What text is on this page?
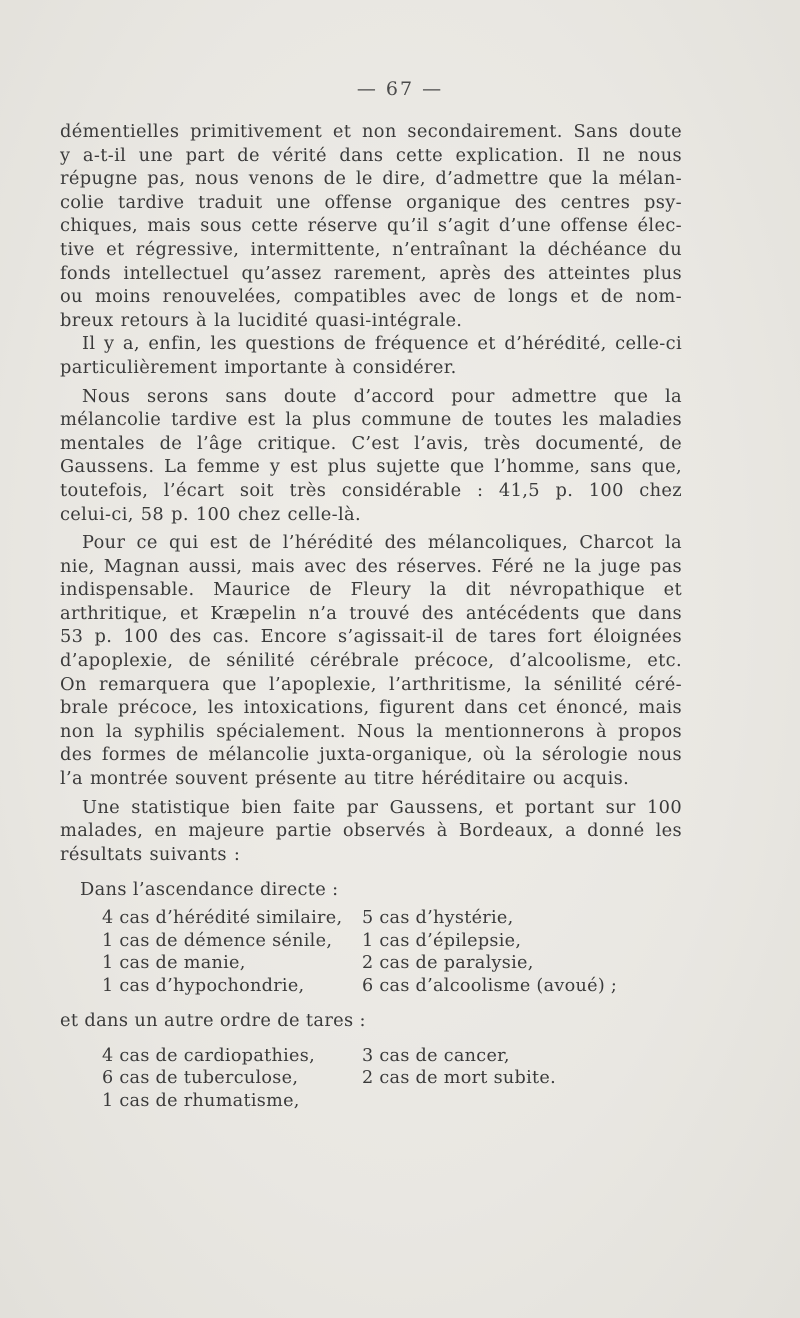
— 67 —
démentielles primitivement et non secondairement. Sans doute
y a-t-il une part de vérité dans cette explication. Il ne nous
répugne pas, nous venons de le dire, d’admettre que la mélan-
colie tardive traduit une offense organique des centres psy-
chiques, mais sous cette réserve qu’il s’agit d’une offense élec-
tive et régressive, intermittente, n’entraînant la déchéance du
fonds intellectuel qu’assez rarement, après des atteintes plus
ou moins renouvelées, compatibles avec de longs et de nom-
breux retours à la lucidité quasi-intégrale.
Il y a, enfin, les questions de fréquence et d’hérédité, celle-ci
particulièrement importante à considérer.
Nous serons sans doute d’accord pour admettre que la
mélancolie tardive est la plus commune de toutes les maladies
mentales de l’âge critique. C’est l’avis, très documenté, de
Gaussens. La femme y est plus sujette que l’homme, sans que,
toutefois, l’écart soit très considérable : 41,5 p. 100 chez
celui-ci, 58 p. 100 chez celle-là.
Pour ce qui est de l’hérédité des mélancoliques, Charcot la
nie, Magnan aussi, mais avec des réserves. Féré ne la juge pas
indispensable. Maurice de Fleury la dit névropathique et
arthritique, et Kræpelin n’a trouvé des antécédents que dans
53 p. 100 des cas. Encore s’agissait-il de tares fort éloignées
d’apoplexie, de sénilité cérébrale précoce, d’alcoolisme, etc.
On remarquera que l’apoplexie, l’arthritisme, la sénilité céré-
brale précoce, les intoxications, figurent dans cet énoncé, mais
non la syphilis spécialement. Nous la mentionnerons à propos
des formes de mélancolie juxta-organique, où la sérologie nous
l’a montrée souvent présente au titre héréditaire ou acquis.
Une statistique bien faite par Gaussens, et portant sur 100
malades, en majeure partie observés à Bordeaux, a donné les
résultats suivants :
Dans l’ascendance directe :
4 cas d’hérédité similaire,	5 cas d’hystérie,
1 cas de démence sénile,	1 cas d’épilepsie,
1 cas de manie,	2 cas de paralysie,
1 cas d’hypochondrie,	6 cas d’alcoolisme (avoué) ;
et dans un autre ordre de tares :
4 cas de cardiopathies,	3 cas de cancer,
6 cas de tuberculose,	2 cas de mort subite.
1 cas de rhumatisme,
